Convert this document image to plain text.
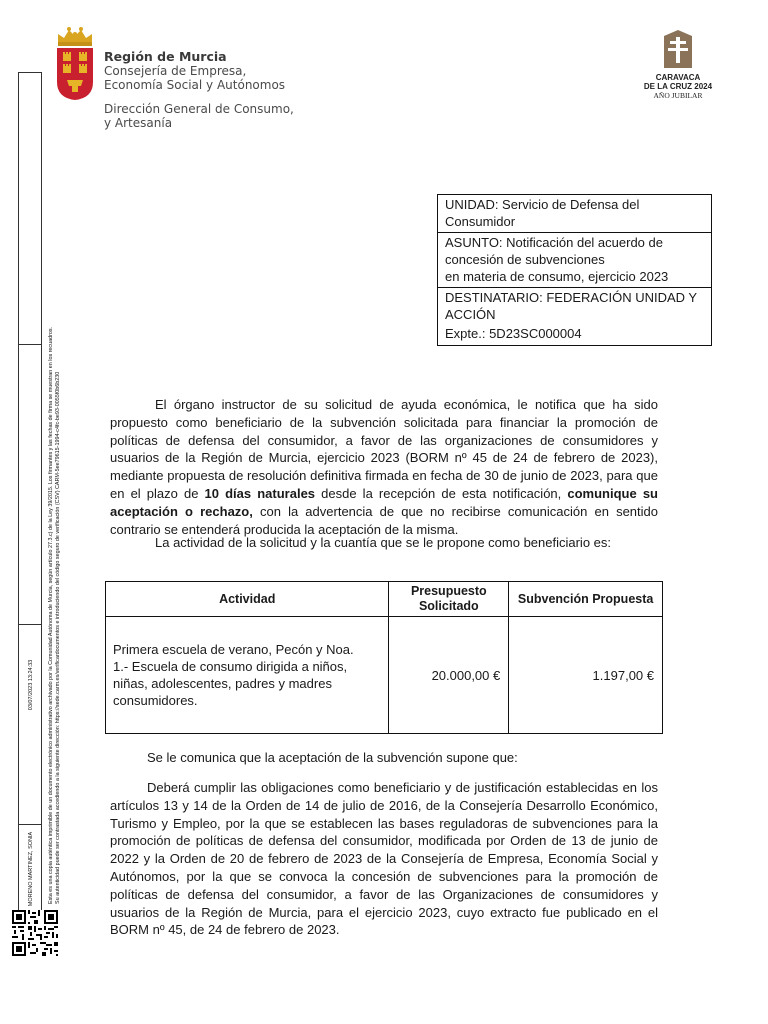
Región de Murcia
Consejería de Empresa,
Economía Social y Autónomos
Dirección General de Consumo,
y Artesanía
CARAVACA
DE LA CRUZ 2024
AÑO JUBILAR
03/07/2023 13:24:33
MORENO MARTINEZ, SONIA	Esta es una copia auténtica imprimible de un documento electrónico administrativo archivado por la Comunidad Autónoma de Murcia, según artículo 27.3.c) de la Ley 39/2015. Los firmantes y las fechas de firma se muestran en los recuadros. Su autenticidad puede ser contrastada accediendo a la siguiente dirección: https://sede.carm.es/verificardocumentos e introduciendo del código seguro de verificación (CSV) CARM-5ee79615-1994-c4fc-be93-0055f0b6b230
UNIDAD: Servicio de Defensa del Consumidor
ASUNTO: Notificación del acuerdo de concesión de subvenciones
en materia de consumo, ejercicio 2023
DESTINATARIO: FEDERACIÓN UNIDAD Y ACCIÓN
Expte.: 5D23SC000004
El órgano instructor de su solicitud de ayuda económica, le notifica que ha sido propuesto como beneficiario de la subvención solicitada para financiar la promoción de políticas de defensa del consumidor, a favor de las organizaciones de consumidores y usuarios de la Región de Murcia, ejercicio 2023 (BORM nº 45 de 24 de febrero de 2023), mediante propuesta de resolución definitiva firmada en fecha de 30 de junio de 2023, para que en el plazo de 10 días naturales desde la recepción de esta notificación, comunique su aceptación o rechazo, con la advertencia de que no recibirse comunicación en sentido contrario se entenderá producida la aceptación de la misma.
La actividad de la solicitud y la cuantía que se le propone como beneficiario es:
Actividad	Presupuesto Solicitado	Subvención Propuesta

Primera escuela de verano, Pecón y Noa.
1.- Escuela de consumo dirigida a niños, niñas, adolescentes, padres y madres consumidores.	20.000,00 €	1.197,00 €
Se le comunica que la aceptación de la subvención supone que:
Deberá cumplir las obligaciones como beneficiario y de justificación establecidas en los artículos 13 y 14 de la Orden de 14 de julio de 2016, de la Consejería Desarrollo Económico, Turismo y Empleo, por la que se establecen las bases reguladoras de subvenciones para la promoción de políticas de defensa del consumidor, modificada por Orden de 13 de junio de 2022 y la Orden de 20 de febrero de 2023 de la Consejería de Empresa, Economía Social y Autónomos, por la que se convoca la concesión de subvenciones para la promoción de políticas de defensa del consumidor, a favor de las Organizaciones de consumidores y usuarios de la Región de Murcia, para el ejercicio 2023, cuyo extracto fue publicado en el BORM nº 45, de 24 de febrero de 2023.
